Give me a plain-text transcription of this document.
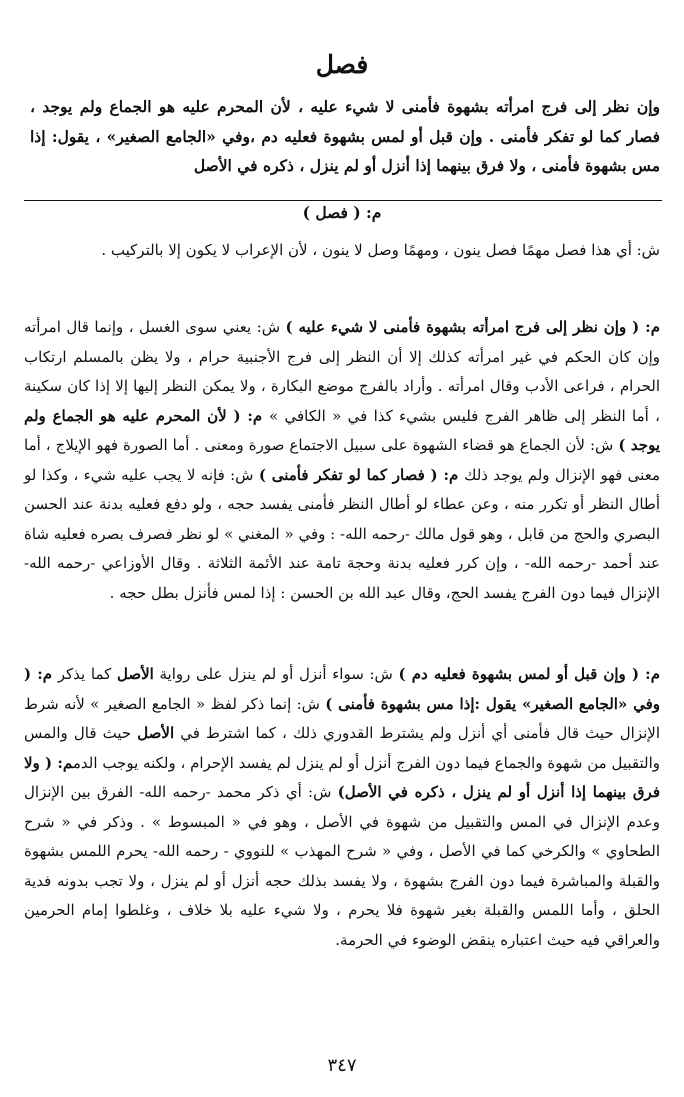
فصل
وإن نظر إلى فرج امرأته بشهوة فأمنى لا شيء عليه ، لأن المحرم عليه هو الجماع ولم يوجد ، فصار كما لو تفكر فأمنى . وإن قبل أو لمس بشهوة فعليه دم ،وفي «الجامع الصغير» ، يقول: إذا مس بشهوة فأمنى ، ولا فرق بينهما إذا أنزل أو لم ينزل ، ذكره في الأصل
م: ( فصل )
ش: أي هذا فصل مهمًا فصل ينون ، ومهمًا وصل لا ينون ، لأن الإعراب لا يكون إلا بالتركيب .
م: ( وإن نظر إلى فرج امرأته بشهوة فأمنى لا شيء عليه ) ش: يعني سوى الغسل ، وإنما قال امرأته وإن كان الحكم في غير امرأته كذلك إلا أن النظر إلى فرج الأجنبية حرام ، ولا يظن بالمسلم ارتكاب الحرام ، فراعى الأدب وقال امرأته . وأراد بالفرج موضع البكارة ، ولا يمكن النظر إليها إلا إذا كان سكينة ، أما النظر إلى ظاهر الفرج فليس بشيء كذا في « الكافي » م: ( لأن المحرم عليه هو الجماع ولم يوجد ) ش: لأن الجماع هو قضاء الشهوة على سبيل الاجتماع صورة ومعنى . أما الصورة فهو الإيلاج ، أما معنى فهو الإنزال ولم يوجد ذلك م: ( فصار كما لو تفكر فأمنى ) ش: فإنه لا يجب عليه شيء ، وكذا لو أطال النظر أو تكرر منه ، وعن عطاء لو أطال النظر فأمنى يفسد حجه ، ولو دفع فعليه بدنة عند الحسن البصري والحج من قابل ، وهو قول مالك -رحمه الله- : وفي « المغني » لو نظر فصرف بصره فعليه شاة عند أحمد -رحمه الله- ، وإن كرر فعليه بدنة وحجة تامة عند الأئمة الثلاثة . وقال الأوزاعي -رحمه الله- الإنزال فيما دون الفرج يفسد الحج، وقال عبد الله بن الحسن : إذا لمس فأنزل بطل حجه .
م: ( وإن قبل أو لمس بشهوة فعليه دم ) ش: سواء أنزل أو لم ينزل على رواية الأصل كما يذكر م: ( وفي «الجامع الصغير» يقول :إذا مس بشهوة فأمنى ) ش: إنما ذكر لفظ « الجامع الصغير » لأنه شرط الإنزال حيث قال فأمنى أي أنزل ولم يشترط القدوري ذلك ، كما اشترط في الأصل حيث قال والمس والتقبيل من شهوة والجماع فيما دون الفرج أنزل أو لم ينزل لم يفسد الإحرام ، ولكنه يوجب الدمم: ( ولا فرق بينهما إذا أنزل أو لم ينزل ، ذكره في الأصل) ش: أي ذكر محمد -رحمه الله- الفرق بين الإنزال وعدم الإنزال في المس والتقبيل من شهوة في الأصل ، وهو في « المبسوط » . وذكر في « شرح الطحاوي » والكرخي كما في الأصل ، وفي « شرح المهذب » للنووي - رحمه الله- يحرم اللمس بشهوة والقبلة والمباشرة فيما دون الفرج بشهوة ، ولا يفسد بذلك حجه أنزل أو لم ينزل ، ولا تجب بدونه فدية الحلق ، وأما اللمس والقبلة بغير شهوة فلا يحرم ، ولا شيء عليه بلا خلاف ، وغلطوا إمام الحرمين والعراقي فيه حيث اعتباره ينقض الوضوء في الحرمة.
٣٤٧
